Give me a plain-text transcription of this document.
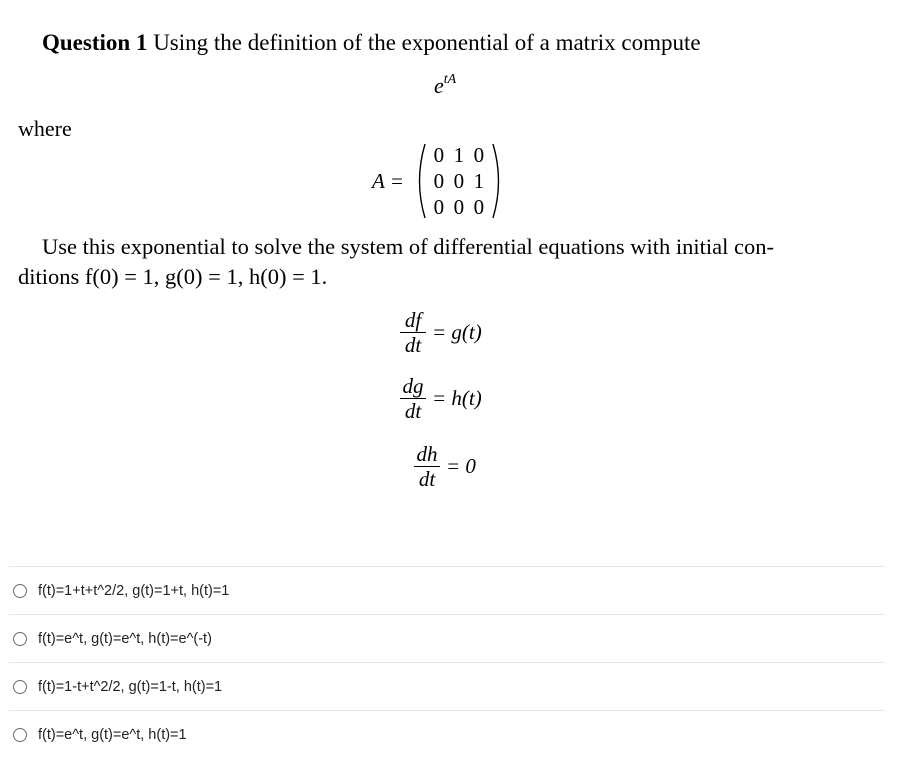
Question 1 Using the definition of the exponential of a matrix compute
$e^{tA}$
where
A =
0 1 0
0 0 1
0 0 0
Use this exponential to solve the system of differential equations with initial con-
ditions f(0) = 1, g(0) = 1, h(0) = 1.
$\frac{df}{dt} = g(t)$
$\frac{dg}{dt} = h(t)$
$\frac{dh}{dt} = 0$
f(t)=1+t+t^2/2, g(t)=1+t, h(t)=1
f(t)=e^t, g(t)=e^t, h(t)=e^(-t)
f(t)=1-t+t^2/2, g(t)=1-t, h(t)=1
f(t)=e^t, g(t)=e^t, h(t)=1
